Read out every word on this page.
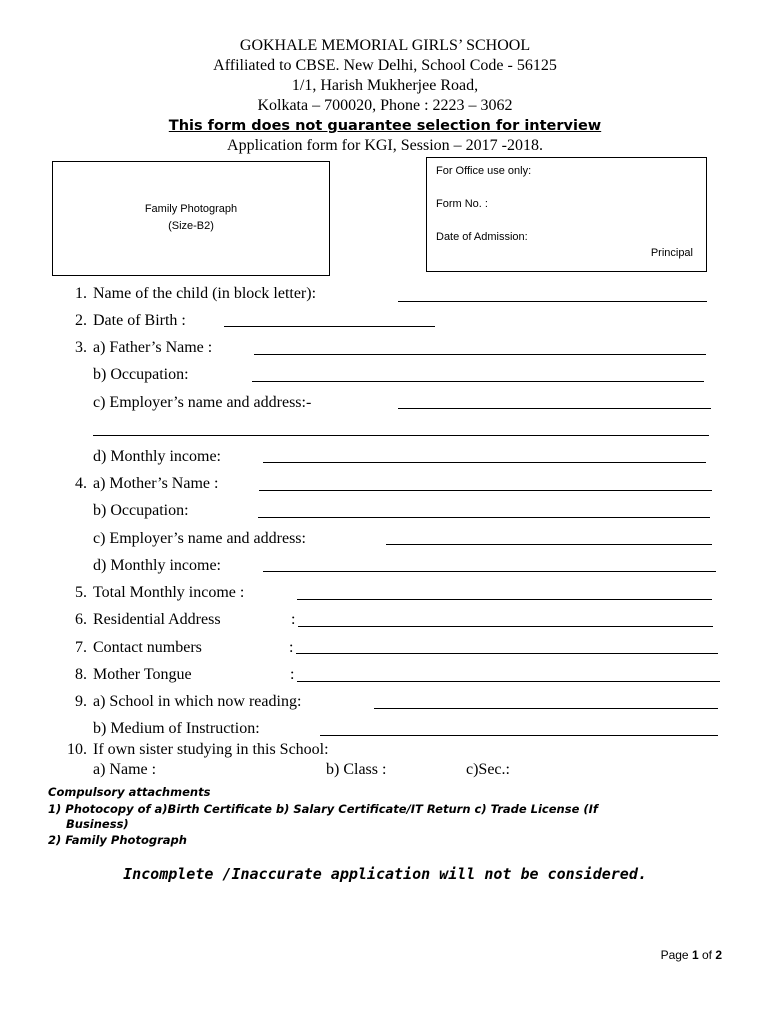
GOKHALE MEMORIAL GIRLS’ SCHOOL
Affiliated to CBSE. New Delhi, School Code - 56125
1/1, Harish Mukherjee Road,
Kolkata – 700020, Phone : 2223 – 3062
This form does not guarantee selection for interview
Application form for KGI, Session – 2017 -2018.
Family Photograph
(Size-B2)
For Office use only:
Form No. :
Date of Admission:
Principal
1. Name of the child (in block letter):
2. Date of Birth :
3. a) Father’s Name :
b) Occupation:
c) Employer’s name and address:-
d) Monthly income:
4. a) Mother’s Name :
b) Occupation:
c) Employer’s name and address:
d) Monthly income:
5. Total Monthly income :
6. Residential Address	:
7. Contact numbers	:
8. Mother Tongue	:
9. a) School in which now reading:
b) Medium of Instruction:
10. If own sister studying in this School:
a) Name :	b) Class :	c)Sec.:
Compulsory attachments
1) Photocopy of a)Birth Certificate b) Salary Certificate/IT Return c) Trade License (If
Business)
2) Family Photograph
Incomplete /Inaccurate application will not be considered.
Page 1 of 2
